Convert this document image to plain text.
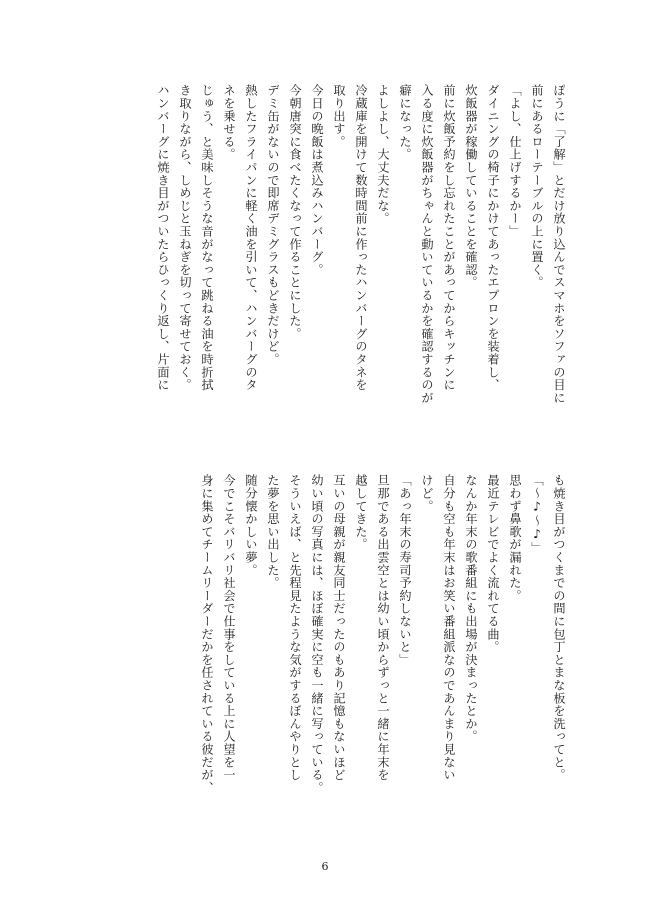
ぽうに「了解」とだけ放り込んでスマホをソファの目に
前にあるローテーブルの上に置く。
「よし、仕上げするかー」
ダイニングの椅子にかけてあったエプロンを装着し、
炊飯器が稼働していることを確認。
前に炊飯予約をし忘れたことがあってからキッチンに
入る度に炊飯器がちゃんと動いているかを確認するのが
癖になった。
よしよし、大丈夫だな。
冷蔵庫を開けて数時間前に作ったハンバーグのタネを
取り出す。
今日の晩飯は煮込みハンバーグ。
今朝唐突に食べたくなって作ることにした。
デミ缶がないので即席デミグラスもどきだけど。
熱したフライパンに軽く油を引いて、ハンバーグのタ
ネを乗せる。
じゅう、と美味しそうな音がなって跳ねる油を時折拭
き取りながら、しめじと玉ねぎを切って寄せておく。
ハンバーグに焼き目がついたらひっくり返し、片面に
も焼き目がつくまでの間に包丁とまな板を洗ってと。
「〜♪〜♪」
思わず鼻歌が漏れた。
最近テレビでよく流れてる曲。
なんか年末の歌番組にも出場が決まったとか。
自分も空も年末はお笑い番組派なのであんまり見ない
けど。
「あっ年末の寿司予約しないと」
旦那である出雲空とは幼い頃からずっと一緒に年末を
越してきた。
互いの母親が親友同士だったのもあり記憶もないほど
幼い頃の写真には、ほぼ確実に空も一緒に写っている。
そういえば、と先程見たような気がするぼんやりとし
た夢を思い出した。
随分懐かしい夢。
今でこそバリバリ社会で仕事をしている上に人望を一
身に集めてチームリーダーだかを任されている彼だが、
6
